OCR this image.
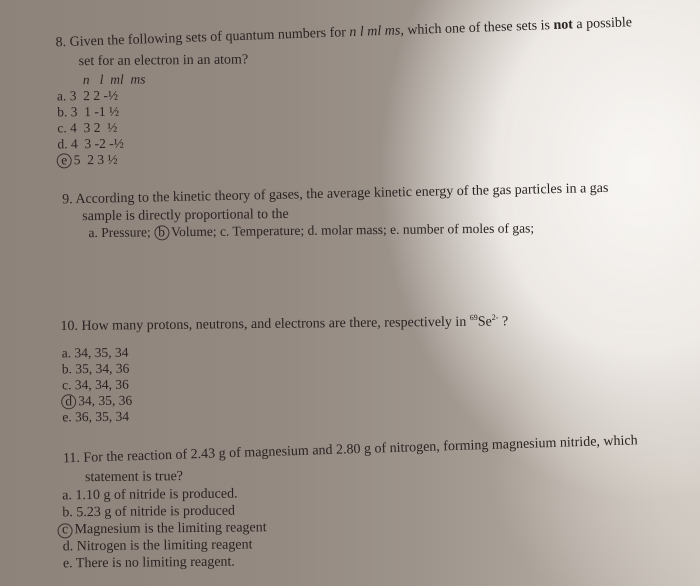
8. Given the following sets of quantum numbers for n l ml ms, which one of these sets is not a possible
set for an electron in an atom?
n   l  ml  ms
a. 3  2 2 -½
b. 3  1 -1 ½
c. 4  3 2  ½
d. 4  3 -2 -½
e 5  2 3 ½
9. According to the kinetic theory of gases, the average kinetic energy of the gas particles in a gas
sample is directly proportional to the
a. Pressure; b Volume; c. Temperature; d. molar mass; e. number of moles of gas;
10. How many protons, neutrons, and electrons are there, respectively in $^{69}Se^{2-}$ ?
a. 34, 35, 34
b. 35, 34, 36
c. 34, 34, 36
d 34, 35, 36
e. 36, 35, 34
11. For the reaction of 2.43 g of magnesium and 2.80 g of nitrogen, forming magnesium nitride, which
statement is true?
a. 1.10 g of nitride is produced.
b. 5.23 g of nitride is produced
c Magnesium is the limiting reagent
d. Nitrogen is the limiting reagent
e. There is no limiting reagent.
